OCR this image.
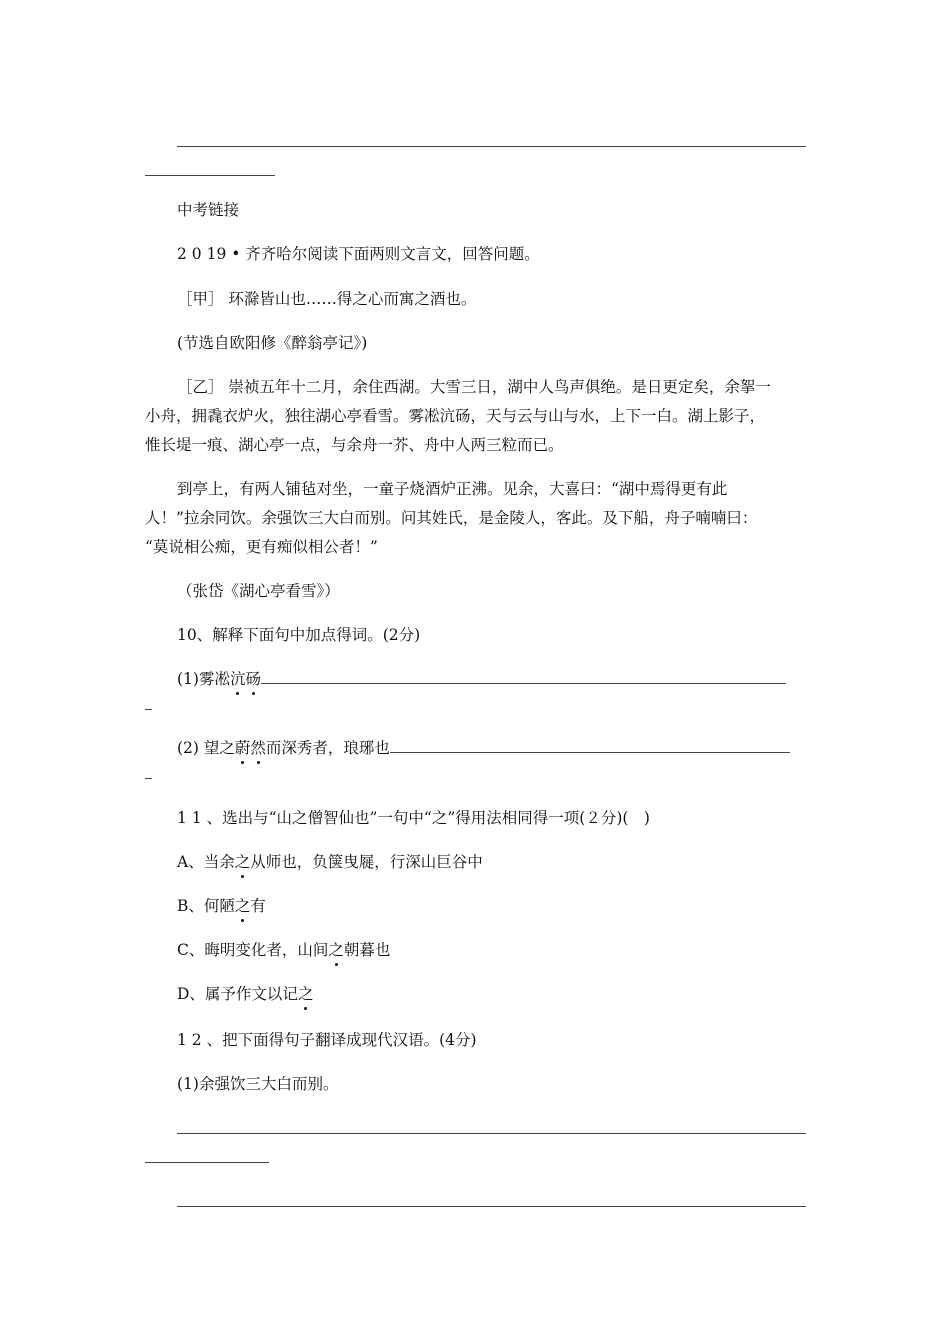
中考链接
2 0 19 • 齐齐哈尔阅读下面两则文言文，回答问题。
［甲］ 环滁皆山也……得之心而寓之酒也。
(节选自欧阳修《醉翁亭记》)
［乙］ 崇祯五年十二月，余住西湖。大雪三日，湖中人鸟声俱绝。是日更定矣，余挐一
小舟，拥毳衣炉火，独往湖心亭看雪。雾凇沆砀，天与云与山与水，上下一白。湖上影子，
惟长堤一痕、湖心亭一点，与余舟一芥、舟中人两三粒而已。
到亭上，有两人铺毡对坐，一童子烧酒炉正沸。见余，大喜曰：“湖中焉得更有此
人！”拉余同饮。余强饮三大白而别。问其姓氏，是金陵人，客此。及下船，舟子喃喃曰：
“莫说相公痴，更有痴似相公者！”
（张岱《湖心亭看雪》）
10、解释下面句中加点得词。(2分)
(1)雾凇沆砀
(2) 望之蔚然而深秀者，琅琊也
1 1 、选出与“山之僧智仙也”一句中“之”得用法相同得一项(２分)(　)
A、当余之从师也，负箧曳屣，行深山巨谷中
B、何陋之有
C、晦明变化者，山间之朝暮也
D、属予作文以记之
1 2 、把下面得句子翻译成现代汉语。(4分)
(1)余强饮三大白而别。
